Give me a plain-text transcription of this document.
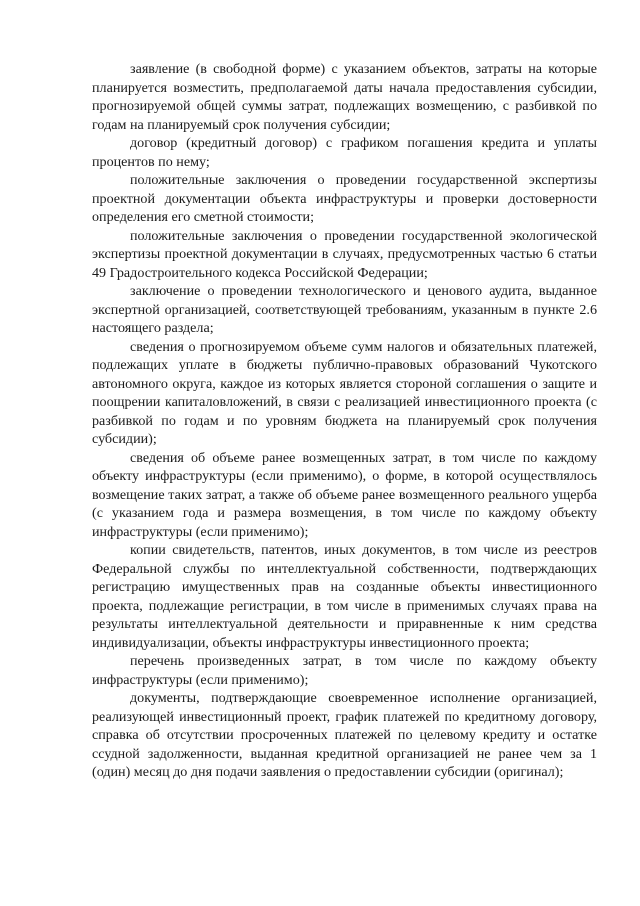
заявление (в свободной форме) с указанием объектов, затраты на которые планируется возместить, предполагаемой даты начала предоставления субсидии, прогнозируемой общей суммы затрат, подлежащих возмещению, с разбивкой по годам на планируемый срок получения субсидии;

договор (кредитный договор) с графиком погашения кредита и уплаты процентов по нему;

положительные заключения о проведении государственной экспертизы проектной документации объекта инфраструктуры и проверки достоверности определения его сметной стоимости;

положительные заключения о проведении государственной экологической экспертизы проектной документации в случаях, предусмотренных частью 6 статьи 49 Градостроительного кодекса Российской Федерации;

заключение о проведении технологического и ценового аудита, выданное экспертной организацией, соответствующей требованиям, указанным в пункте 2.6 настоящего раздела;

сведения о прогнозируемом объеме сумм налогов и обязательных платежей, подлежащих уплате в бюджеты публично-правовых образований Чукотского автономного округа, каждое из которых является стороной соглашения о защите и поощрении капиталовложений, в связи с реализацией инвестиционного проекта (с разбивкой по годам и по уровням бюджета на планируемый срок получения субсидии);

сведения об объеме ранее возмещенных затрат, в том числе по каждому объекту инфраструктуры (если применимо), о форме, в которой осуществлялось возмещение таких затрат, а также об объеме ранее возмещенного реального ущерба (с указанием года и размера возмещения, в том числе по каждому объекту инфраструктуры (если применимо);

копии свидетельств, патентов, иных документов, в том числе из реестров Федеральной службы по интеллектуальной собственности, подтверждающих регистрацию имущественных прав на созданные объекты инвестиционного проекта, подлежащие регистрации, в том числе в применимых случаях права на результаты интеллектуальной деятельности и приравненные к ним средства индивидуализации, объекты инфраструктуры инвестиционного проекта;

перечень произведенных затрат, в том числе по каждому объекту инфраструктуры (если применимо);

документы, подтверждающие своевременное исполнение организацией, реализующей инвестиционный проект, график платежей по кредитному договору, справка об отсутствии просроченных платежей по целевому кредиту и остатке ссудной задолженности, выданная кредитной организацией не ранее чем за 1 (один) месяц до дня подачи заявления о предоставлении субсидии (оригинал);
